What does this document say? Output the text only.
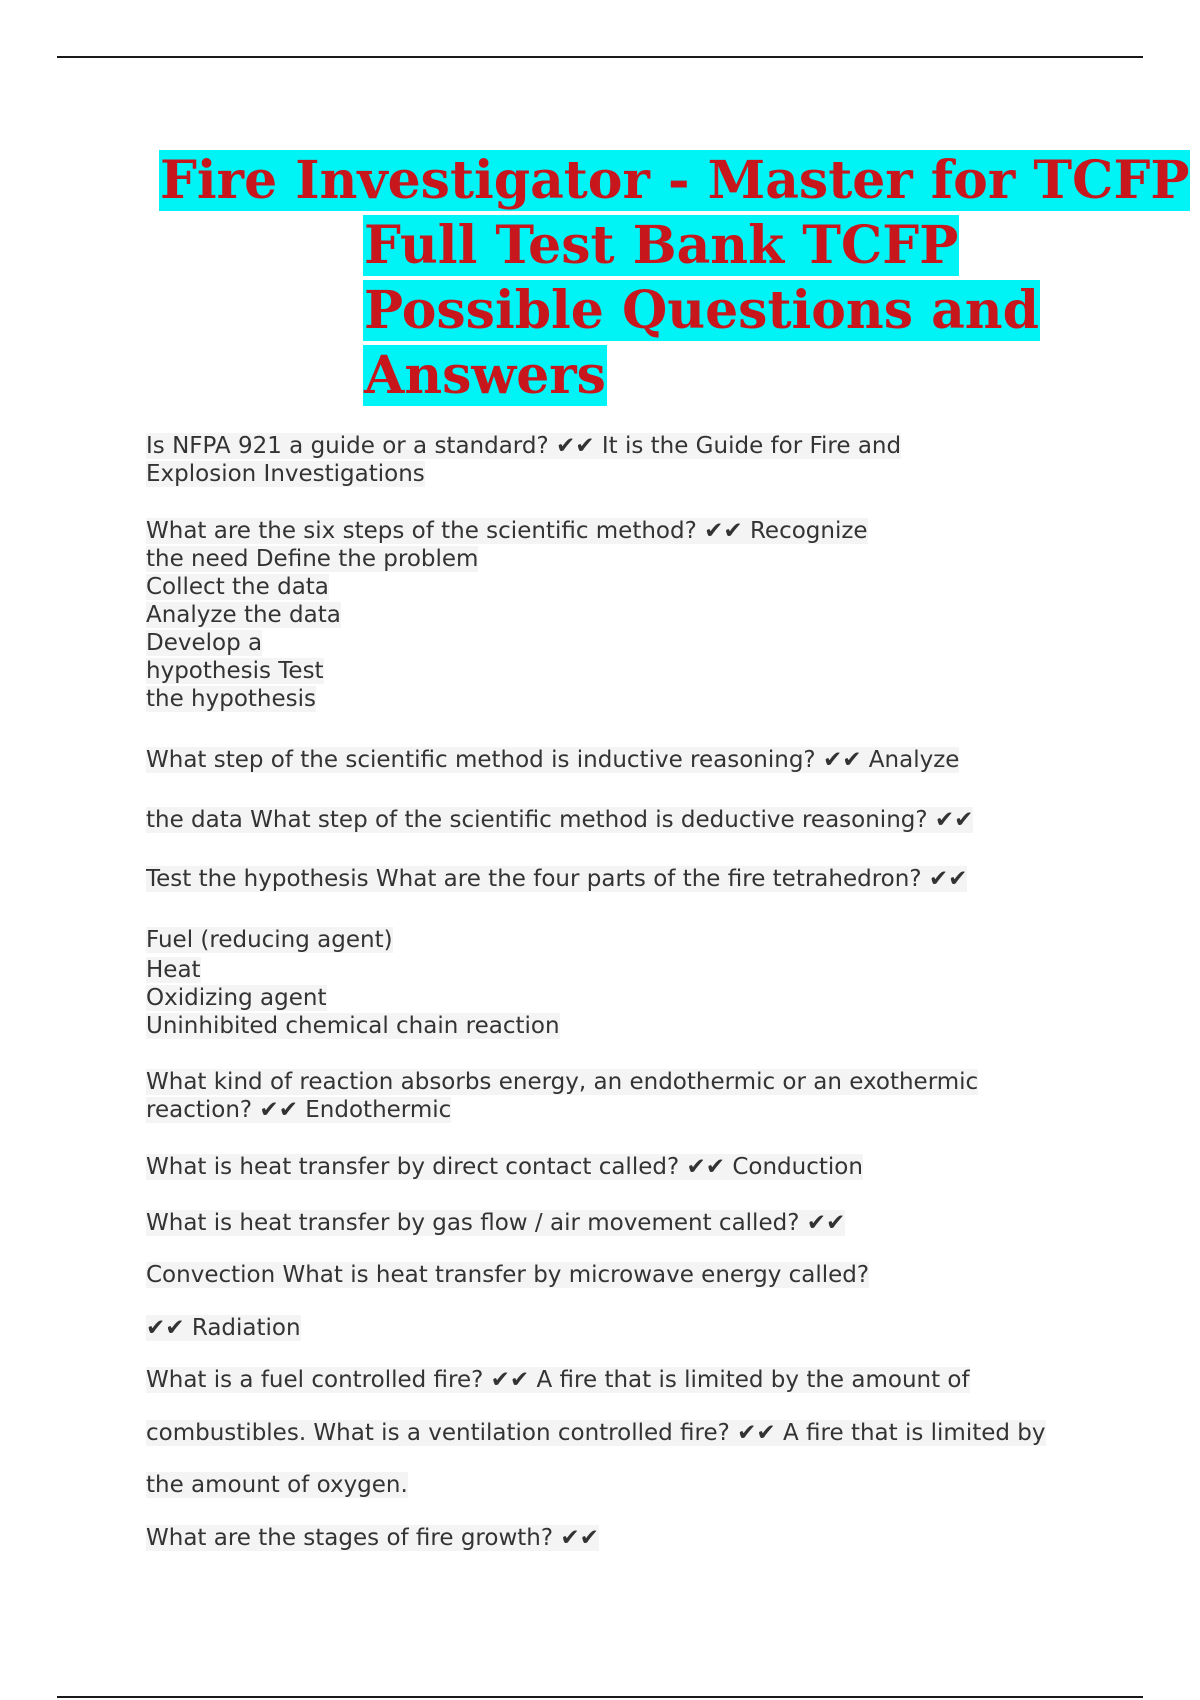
Fire Investigator - Master for TCFP
Full Test Bank TCFP
Possible Questions and
Answers
Is NFPA 921 a guide or a standard? ✔✔ It is the Guide for Fire and
Explosion Investigations
What are the six steps of the scientific method? ✔✔ Recognize
the need Define the problem
Collect the data
Analyze the data
Develop a
hypothesis Test
the hypothesis
What step of the scientific method is inductive reasoning? ✔✔ Analyze
the data What step of the scientific method is deductive reasoning? ✔✔
Test the hypothesis What are the four parts of the fire tetrahedron? ✔✔
Fuel (reducing agent)
Heat
Oxidizing agent
Uninhibited chemical chain reaction
What kind of reaction absorbs energy, an endothermic or an exothermic
reaction? ✔✔ Endothermic
What is heat transfer by direct contact called? ✔✔ Conduction
What is heat transfer by gas flow / air movement called? ✔✔
Convection What is heat transfer by microwave energy called?
✔✔ Radiation
What is a fuel controlled fire? ✔✔ A fire that is limited by the amount of
combustibles. What is a ventilation controlled fire? ✔✔ A fire that is limited by
the amount of oxygen.
What are the stages of fire growth? ✔✔
